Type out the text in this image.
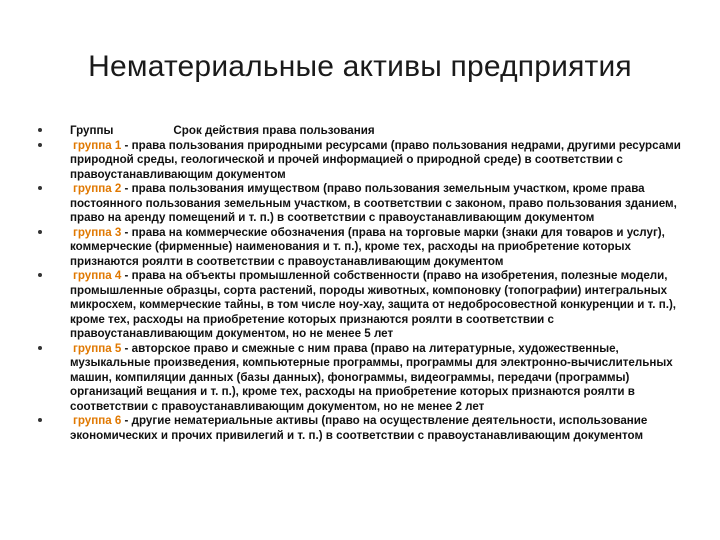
Нематериальные активы предприятия
Группы	Срок действия права пользования
группа 1 - права пользования природными ресурсами (право пользования недрами, другими ресурсами природной среды, геологической и прочей информацией о природной среде) в соответствии с правоустанавливающим документом
группа 2 - права пользования имуществом (право пользования земельным участком, кроме права постоянного пользования земельным участком, в соответствии с законом, право пользования зданием, право на аренду помещений и т. п.) в соответствии с правоустанавливающим документом
группа 3 - права на коммерческие обозначения (права на торговые марки (знаки для товаров и услуг), коммерческие (фирменные) наименования и т. п.), кроме тех, расходы на приобретение которых признаются роялти в соответствии с правоустанавливающим документом
группа 4 - права на объекты промышленной собственности (право на изобретения, полезные модели, промышленные образцы, сорта растений, породы животных, компоновку (топографии) интегральных микросхем, коммерческие тайны, в том числе ноу-хау, защита от недобросовестной конкуренции и т. п.), кроме тех, расходы на приобретение которых признаются роялти в соответствии с правоустанавливающим документом, но не менее 5 лет
группа 5 - авторское право и смежные с ним права (право на литературные, художественные, музыкальные произведения, компьютерные программы, программы для электронно-вычислительных машин, компиляции данных (базы данных), фонограммы, видеограммы, передачи (программы) организаций вещания и т. п.), кроме тех, расходы на приобретение которых признаются роялти в соответствии с правоустанавливающим документом, но не менее 2 лет
группа 6 - другие нематериальные активы (право на осуществление деятельности, использование экономических и прочих привилегий и т. п.) в соответствии с правоустанавливающим документом
